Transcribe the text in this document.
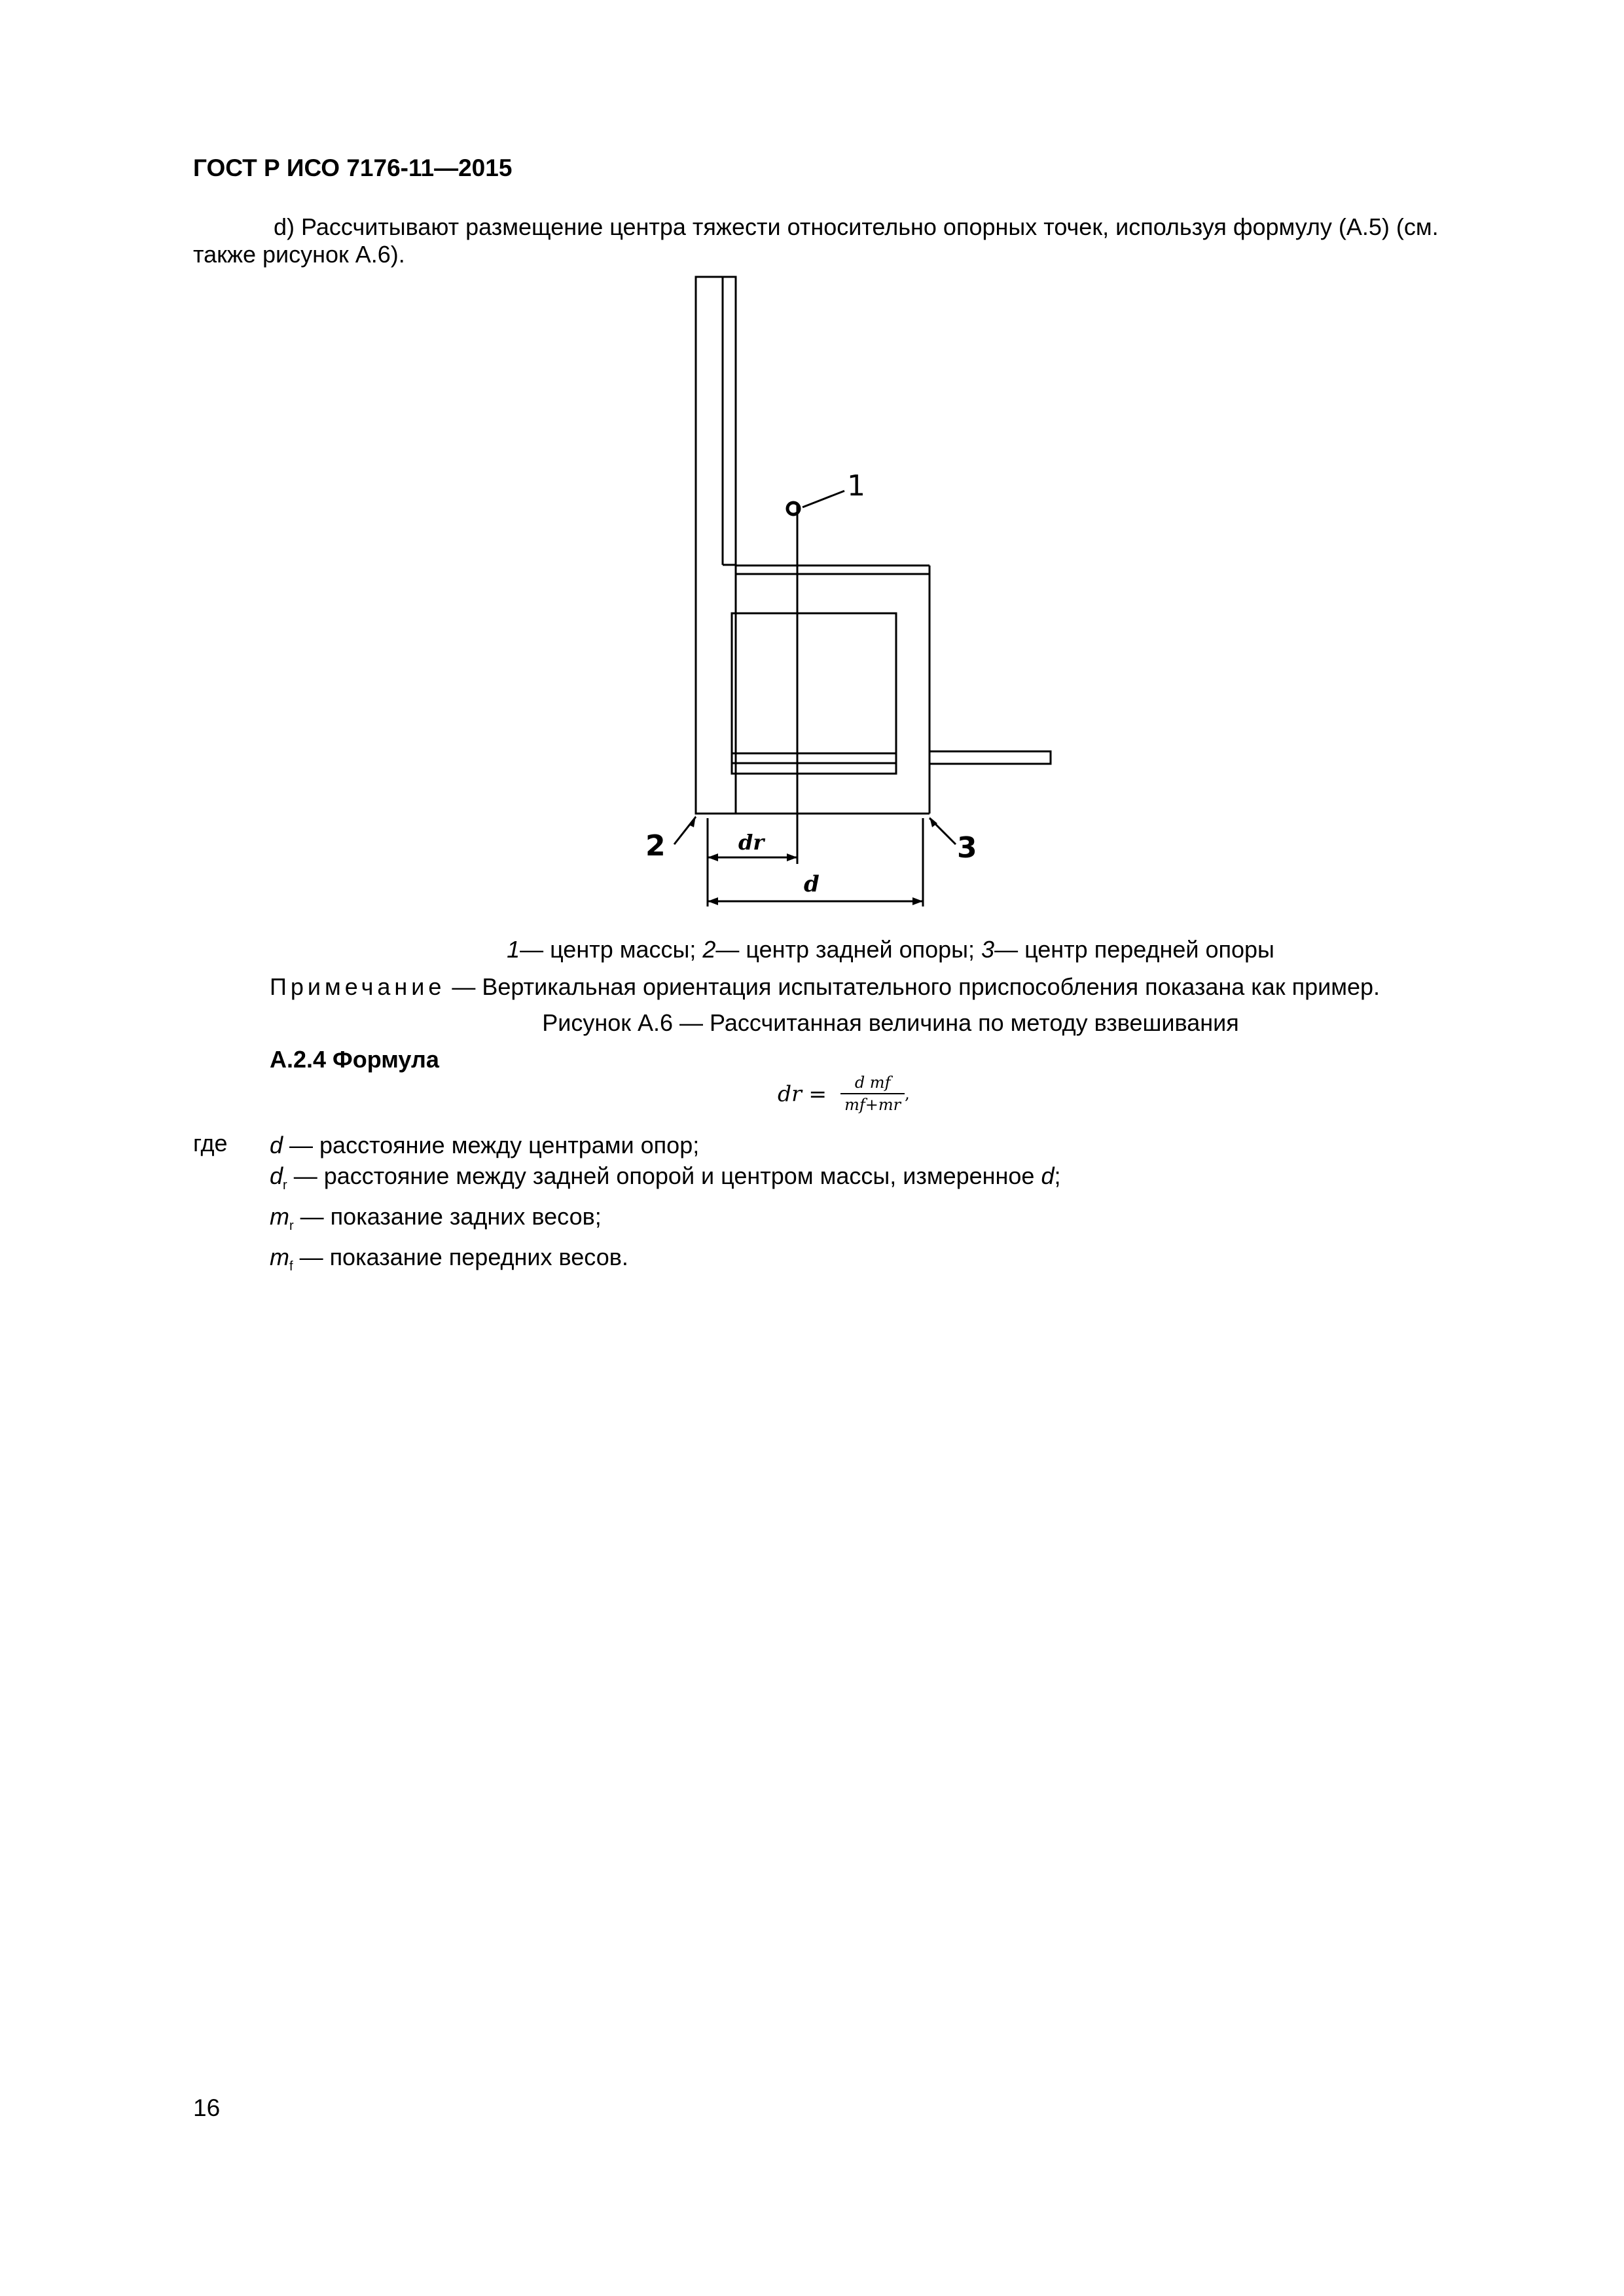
ГОСТ Р ИСО 7176-11—2015
d) Рассчитывают размещение центра тяжести относительно опорных точек, используя формулу (А.5) (см.
также рисунок А.6).
1
2	3
dr
d
1— центр массы; 2— центр задней опоры; 3— центр передней опоры
Примечание — Вертикальная ориентация испытательного приспособления показана как пример.
Рисунок А.6 — Рассчитанная величина по методу взвешивания
А.2.4 Формула
dr = $\frac{\text{d mf}}{mf+mr}$ ,
где d — расстояние между центрами опор;
$d_r$ — расстояние между задней опорой и центром массы, измеренное d;
$m_r$ — показание задних весов;
$m_f$ — показание передних весов.
16
